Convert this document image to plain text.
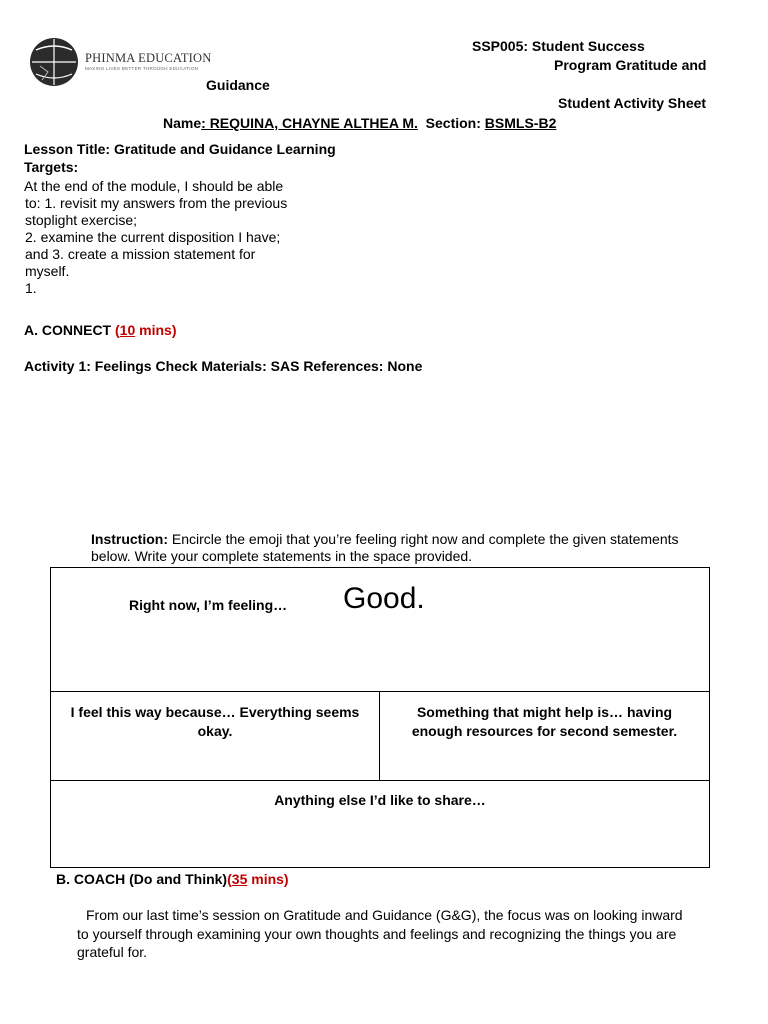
PHINMA EDUCATION
MAKING LIVES BETTER THROUGH EDUCATION
SSP005: Student Success
Program Gratitude and
Guidance
Student Activity Sheet
Name: REQUINA, CHAYNE ALTHEA M. Section: BSMLS-B2
Lesson Title: Gratitude and Guidance Learning
Targets:
At the end of the module, I should be able
to: 1. revisit my answers from the previous
stoplight exercise;
2. examine the current disposition I have;
and 3. create a mission statement for
myself.
1.
A. CONNECT (10 mins)
Activity 1: Feelings Check Materials: SAS References: None
Instruction: Encircle the emoji that you’re feeling right now and complete the given statements
below. Write your complete statements in the space provided.
Right now, I’m feeling… Good.
I feel this way because… Everything seems
okay.
Something that might help is… having
enough resources for second semester.
Anything else I’d like to share…
B. COACH (Do and Think)(35 mins)
From our last time’s session on Gratitude and Guidance (G&G), the focus was on looking inward
to yourself through examining your own thoughts and feelings and recognizing the things you are
grateful for.
